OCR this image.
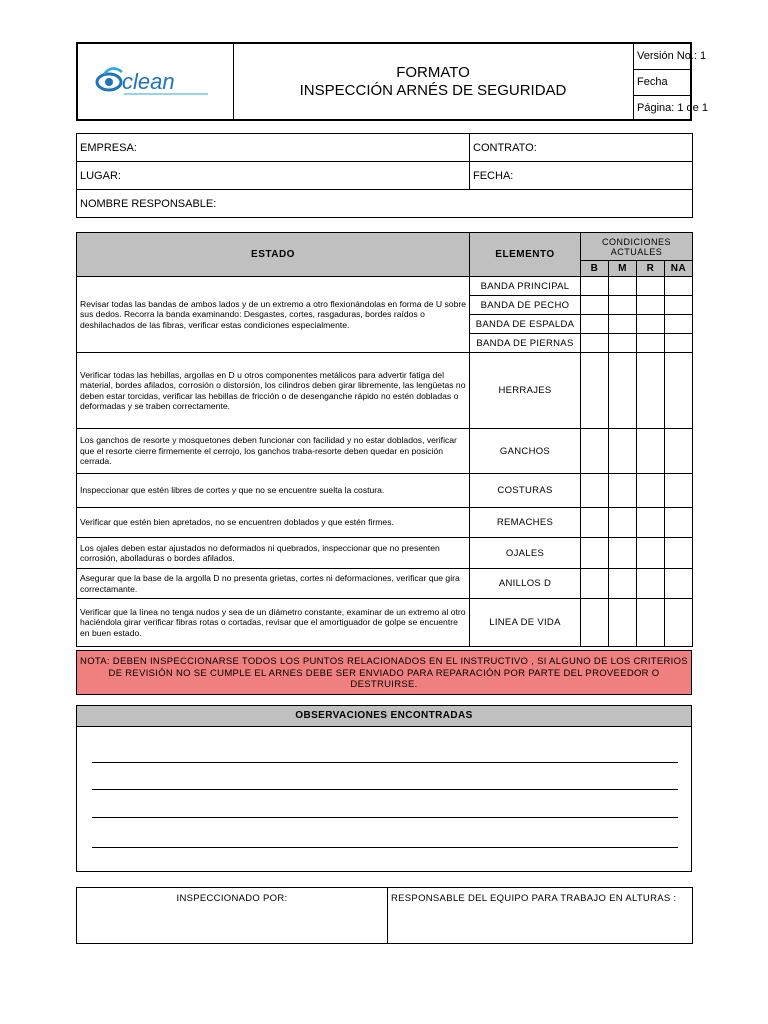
clean	FORMATO
INSPECCIÓN ARNÉS DE SEGURIDAD
Versión No.: 1
Fecha
Página: 1 de 1
EMPRESA:	CONTRATO:
LUGAR:	FECHA:
NOMBRE RESPONSABLE:	
ESTADO	ELEMENTO	CONDICIONES ACTUALES			
		B	M	R	NA
Revisar todas las bandas de ambos lados y de un extremo a otro flexionándolas en forma de U sobre sus dedos. Recorra la banda examinando: Desgastes, cortes, rasgaduras, bordes raídos o deshilachados de las fibras, verificar estas condiciones especialmente.	BANDA PRINCIPAL				
	BANDA DE PECHO				
	BANDA DE ESPALDA				
	BANDA DE PIERNAS				
Verificar todas las hebillas, argollas en D u otros componentes metálicos para advertir fatiga del material, bordes afilados, corrosión o distorsión, los cilindros deben girar libremente, las lengüetas no deben estar torcidas, verificar las hebillas de fricción o de desenganche rápido no estén dobladas o deformadas y se traben correctamente.	HERRAJES				
Los ganchos de resorte y mosquetones deben funcionar con facilidad y no estar doblados, verificar que el resorte cierre firmemente el cerrojo, los ganchos traba-resorte deben quedar en posición cerrada.	GANCHOS				
Inspeccionar que estén libres de cortes y que no se encuentre suelta la costura.	COSTURAS				
Verificar que estén bien apretados, no se encuentren doblados y que estén firmes.	REMACHES				
Los ojales deben estar ajustados no deformados ni quebrados, inspeccionar que no presenten corrosión, abolladuras o bordes afilados.	OJALES				
Asegurar que la base de la argolla D no presenta grietas, cortes ni deformaciones, verificar que gira correctamante.	ANILLOS D				
Verificar que la línea no tenga nudos y sea de un diámetro constante, examinar de un extremo al otro haciéndola girar verificar fibras rotas o cortadas, revisar que el amortiguador de golpe se encuentre en buen estado.	LINEA DE VIDA				
NOTA: DEBEN INSPECCIONARSE TODOS LOS PUNTOS RELACIONADOS EN EL INSTRUCTIVO , SI ALGUNO DE LOS CRITERIOS DE REVISIÓN NO SE CUMPLE EL ARNES DEBE SER ENVIADO PARA REPARACIÓN POR PARTE DEL PROVEEDOR O DESTRUIRSE.
OBSERVACIONES ENCONTRADAS
INSPECCIONADO POR:	RESPONSABLE DEL EQUIPO PARA TRABAJO EN ALTURAS :
